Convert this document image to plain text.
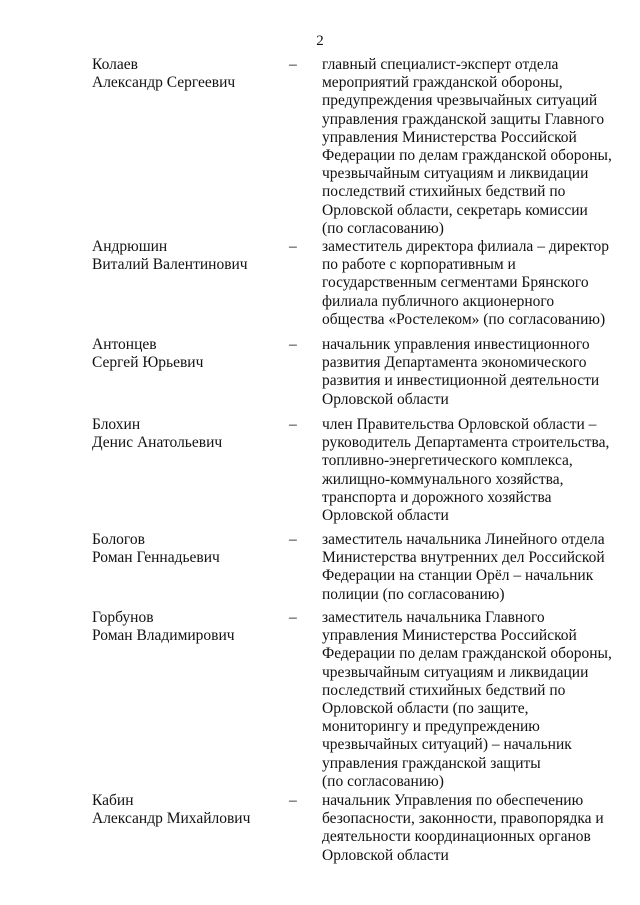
2
Колаев
Александр Сергеевич
– главный специалист-эксперт отдела
мероприятий гражданской обороны,
предупреждения чрезвычайных ситуаций
управления гражданской защиты Главного
управления Министерства Российской
Федерации по делам гражданской обороны,
чрезвычайным ситуациям и ликвидации
последствий стихийных бедствий по
Орловской области, секретарь комиссии
(по согласованию)
Андрюшин
Виталий Валентинович
– заместитель директора филиала – директор
по работе с корпоративным и
государственным сегментами Брянского
филиала публичного акционерного
общества «Ростелеком» (по согласованию)
Антонцев
Сергей Юрьевич
– начальник управления инвестиционного
развития Департамента экономического
развития и инвестиционной деятельности
Орловской области
Блохин
Денис Анатольевич
– член Правительства Орловской области –
руководитель Департамента строительства,
топливно-энергетического комплекса,
жилищно-коммунального хозяйства,
транспорта и дорожного хозяйства
Орловской области
Бологов
Роман Геннадьевич
– заместитель начальника Линейного отдела
Министерства внутренних дел Российской
Федерации на станции Орёл – начальник
полиции (по согласованию)
Горбунов
Роман Владимирович
– заместитель начальника Главного
управления Министерства Российской
Федерации по делам гражданской обороны,
чрезвычайным ситуациям и ликвидации
последствий стихийных бедствий по
Орловской области (по защите,
мониторингу и предупреждению
чрезвычайных ситуаций) – начальник
управления гражданской защиты
(по согласованию)
Кабин
Александр Михайлович
– начальник Управления по обеспечению
безопасности, законности, правопорядка и
деятельности координационных органов
Орловской области
